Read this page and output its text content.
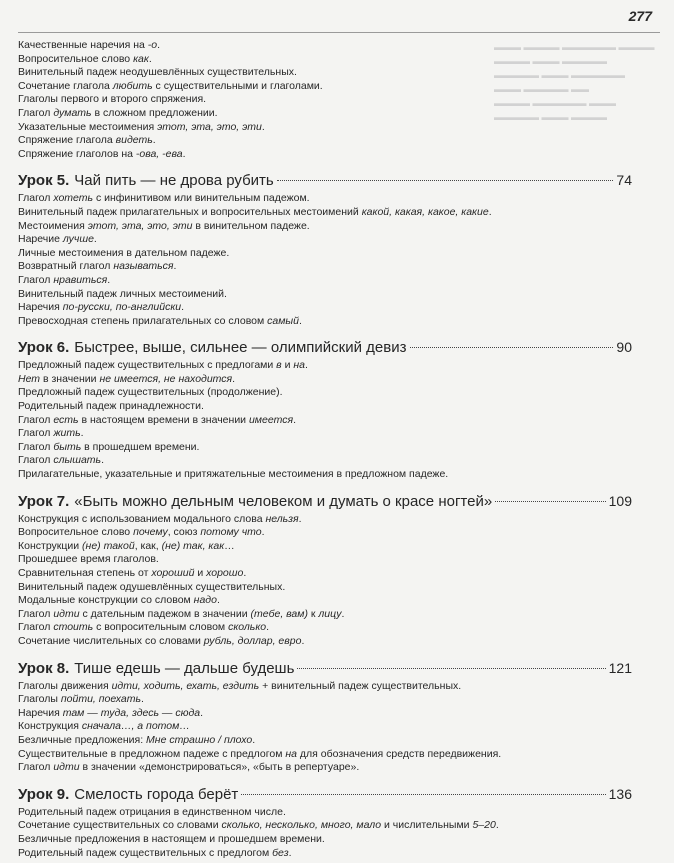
277
▬▬▬ ▬▬▬▬ ▬▬▬▬▬▬ ▬▬▬▬
▬▬▬▬ ▬▬▬ ▬▬▬▬▬
▬▬▬▬▬ ▬▬▬ ▬▬▬▬▬▬
▬▬▬ ▬▬▬▬▬ ▬▬
▬▬▬▬ ▬▬▬▬▬▬ ▬▬▬
▬▬▬▬▬ ▬▬▬ ▬▬▬▬
Качественные наречия на -о.
Вопросительное слово как.
Винительный падеж неодушевлённых существительных.
Сочетание глагола любить с существительными и глаголами.
Глаголы первого и второго спряжения.
Глагол думать в сложном предложении.
Указательные местоимения этот, эта, это, эти.
Спряжение глагола видеть.
Спряжение глаголов на -ова, -ева.
Урок 5. Чай пить — не дрова рубить	74
Глагол хотеть с инфинитивом или винительным падежом.
Винительный падеж прилагательных и вопросительных местоимений какой, какая, какое, какие.
Местоимения этот, эта, это, эти в винительном падеже.
Наречие лучше.
Личные местоимения в дательном падеже.
Возвратный глагол называться.
Глагол нравиться.
Винительный падеж личных местоимений.
Наречия по-русски, по-английски.
Превосходная степень прилагательных со словом самый.
Урок 6. Быстрее, выше, сильнее — олимпийский девиз	90
Предложный падеж существительных с предлогами в и на.
Нет в значении не имеется, не находится.
Предложный падеж существительных (продолжение).
Родительный падеж принадлежности.
Глагол есть в настоящем времени в значении имеется.
Глагол жить.
Глагол быть в прошедшем времени.
Глагол слышать.
Прилагательные, указательные и притяжательные местоимения в предложном падеже.
Урок 7. «Быть можно дельным человеком и думать о красе ногтей»	109
Конструкция с использованием модального слова нельзя.
Вопросительное слово почему, союз потому что.
Конструкции (не) такой, как, (не) так, как…
Прошедшее время глаголов.
Сравнительная степень от хороший и хорошо.
Винительный падеж одушевлённых существительных.
Модальные конструкции со словом надо.
Глагол идти с дательным падежом в значении (тебе, вам) к лицу.
Глагол стоить с вопросительным словом сколько.
Сочетание числительных со словами рубль, доллар, евро.
Урок 8. Тише едешь — дальше будешь	121
Глаголы движения идти, ходить, ехать, ездить + винительный падеж существительных.
Глаголы пойти, поехать.
Наречия там — туда, здесь — сюда.
Конструкция сначала…, а потом…
Безличные предложения: Мне страшно / плохо.
Существительные в предложном падеже с предлогом на для обозначения средств передвижения.
Глагол идти в значении «демонстрироваться», «быть в репертуаре».
Урок 9. Смелость города берёт	136
Родительный падеж отрицания в единственном числе.
Сочетание существительных со словами сколько, несколько, много, мало и числительными 5–20.
Безличные предложения в настоящем и прошедшем времени.
Родительный падеж существительных с предлогом без.
